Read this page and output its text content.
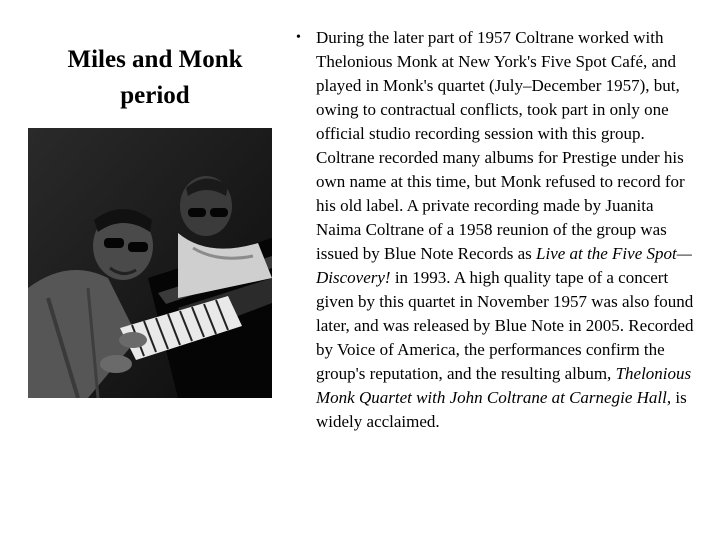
Miles and Monk
period
• During the later part of 1957 Coltrane worked with Thelonious Monk at New York's Five Spot Café, and played in Monk's quartet (July–December 1957), but, owing to contractual conflicts, took part in only one official studio recording session with this group. Coltrane recorded many albums for Prestige under his own name at this time, but Monk refused to record for his old label. A private recording made by Juanita Naima Coltrane of a 1958 reunion of the group was issued by Blue Note Records as Live at the Five Spot—Discovery! in 1993. A high quality tape of a concert given by this quartet in November 1957 was also found later, and was released by Blue Note in 2005. Recorded by Voice of America, the performances confirm the group's reputation, and the resulting album, Thelonious Monk Quartet with John Coltrane at Carnegie Hall, is widely acclaimed.
